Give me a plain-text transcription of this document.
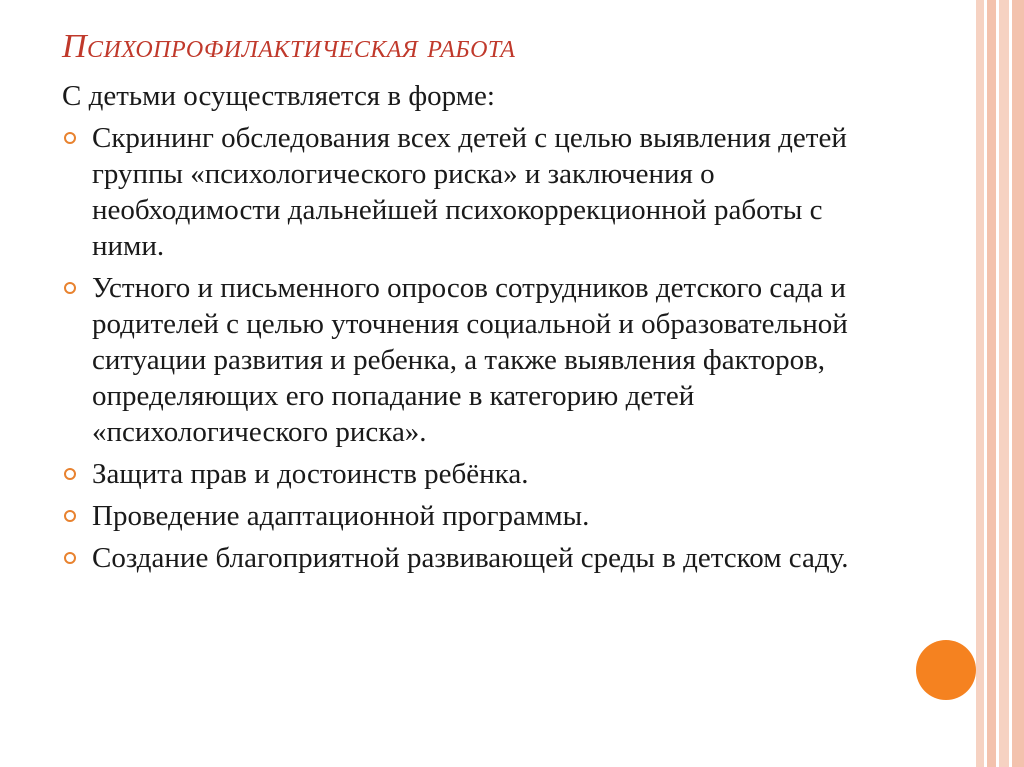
Психопрофилактическая работа
С детьми осуществляется в форме:
Скрининг обследования всех детей с целью выявления детей группы «психологического риска» и заключения о необходимости дальнейшей психокоррекционной работы с ними.
Устного и письменного опросов сотрудников детского сада и родителей с целью уточнения социальной и образовательной ситуации развития и ребенка, а также выявления факторов, определяющих его попадание в категорию детей «психологического риска».
Защита прав и достоинств ребёнка.
Проведение адаптационной программы.
Создание благоприятной развивающей среды в детском саду.
